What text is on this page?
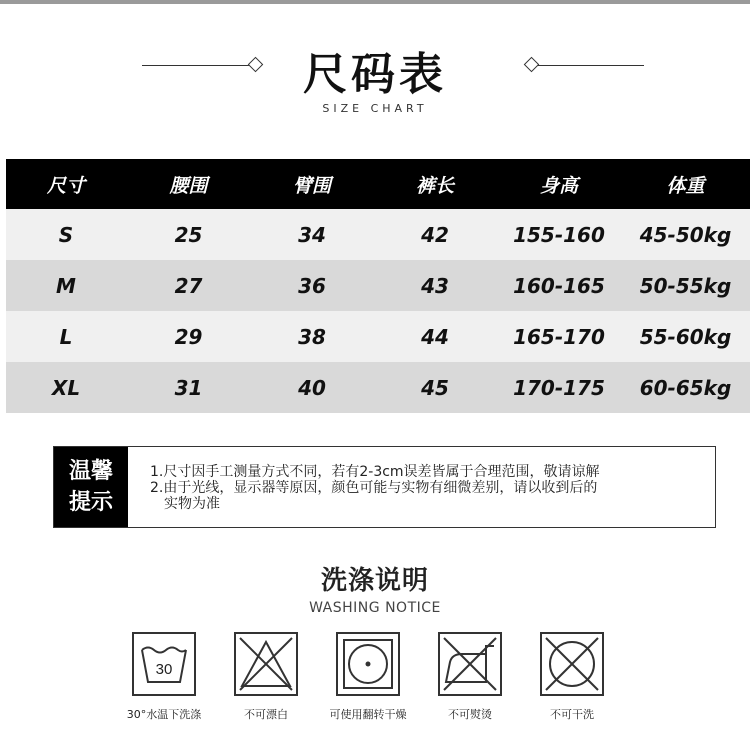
尺码表
SIZE CHART
尺寸	腰围	臂围	裤长	身高	体重
S	25	34	42	155-160	45-50kg
M	27	36	43	160-165	50-55kg
L	29	38	44	165-170	55-60kg
XL	31	40	45	170-175	60-65kg
温馨
提示
1.尺寸因手工测量方式不同，若有2-3cm误差皆属于合理范围，敬请谅解
2.由于光线，显示器等原因，颜色可能与实物有细微差别，请以收到后的
实物为准
洗涤说明
WASHING NOTICE
30
30°水温下洗涤	不可漂白	可使用翻转干燥	不可熨烫	不可干洗
